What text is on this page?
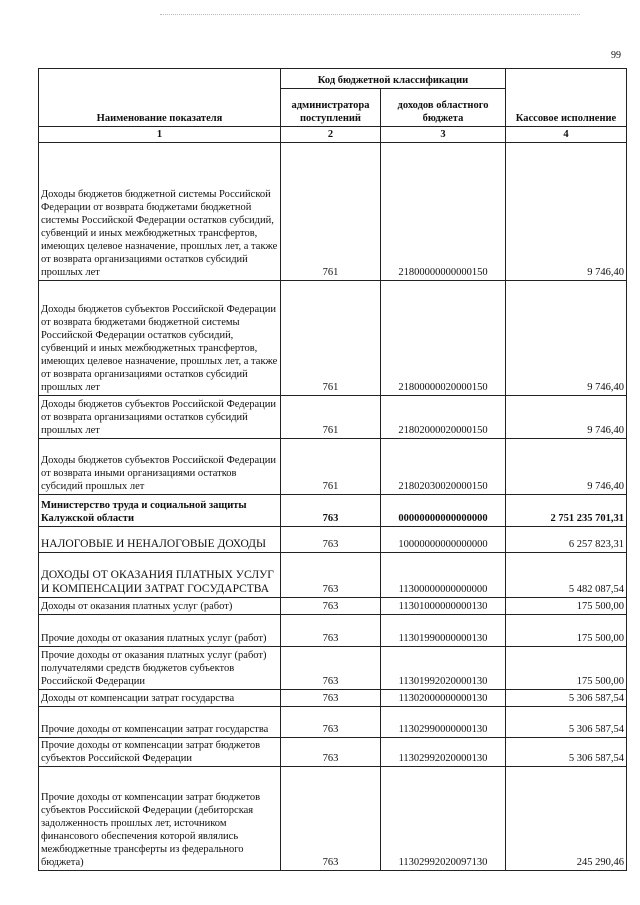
99
Наименование показателя	Код бюджетной классификации		Кассовое исполнение
	администратора поступлений	доходов областного бюджета	
1	2	3	4
Доходы бюджетов бюджетной системы Российской Федерации от возврата бюджетами бюджетной системы Российской Федерации остатков субсидий, субвенций и иных межбюджетных трансфертов, имеющих целевое назначение, прошлых лет, а также от возврата организациями остатков субсидий прошлых лет	761	21800000000000150	9 746,40
Доходы бюджетов субъектов Российской Федерации от возврата бюджетами бюджетной системы Российской Федерации остатков субсидий, субвенций и иных межбюджетных трансфертов, имеющих целевое назначение, прошлых лет, а также от возврата организациями остатков субсидий прошлых лет	761	21800000020000150	9 746,40
Доходы бюджетов субъектов Российской Федерации от возврата организациями остатков субсидий прошлых лет	761	21802000020000150	9 746,40
Доходы бюджетов субъектов Российской Федерации от возврата иными организациями остатков субсидий прошлых лет	761	21802030020000150	9 746,40
Министерство труда и социальной защиты Калужской области	763	00000000000000000	2 751 235 701,31
НАЛОГОВЫЕ И НЕНАЛОГОВЫЕ ДОХОДЫ	763	10000000000000000	6 257 823,31
ДОХОДЫ ОТ ОКАЗАНИЯ ПЛАТНЫХ УСЛУГ И КОМПЕНСАЦИИ ЗАТРАТ ГОСУДАРСТВА	763	11300000000000000	5 482 087,54
Доходы от оказания платных услуг (работ)	763	11301000000000130	175 500,00
Прочие доходы от оказания платных услуг (работ)	763	11301990000000130	175 500,00
Прочие доходы от оказания платных услуг (работ) получателями средств бюджетов субъектов Российской Федерации	763	11301992020000130	175 500,00
Доходы от компенсации затрат государства	763	11302000000000130	5 306 587,54
Прочие доходы от компенсации затрат государства	763	11302990000000130	5 306 587,54
Прочие доходы от компенсации затрат бюджетов субъектов Российской Федерации	763	11302992020000130	5 306 587,54
Прочие доходы от компенсации затрат бюджетов субъектов Российской Федерации (дебиторская задолженность прошлых лет, источником финансового обеспечения которой являлись межбюджетные трансферты из федерального бюджета)	763	11302992020097130	245 290,46
